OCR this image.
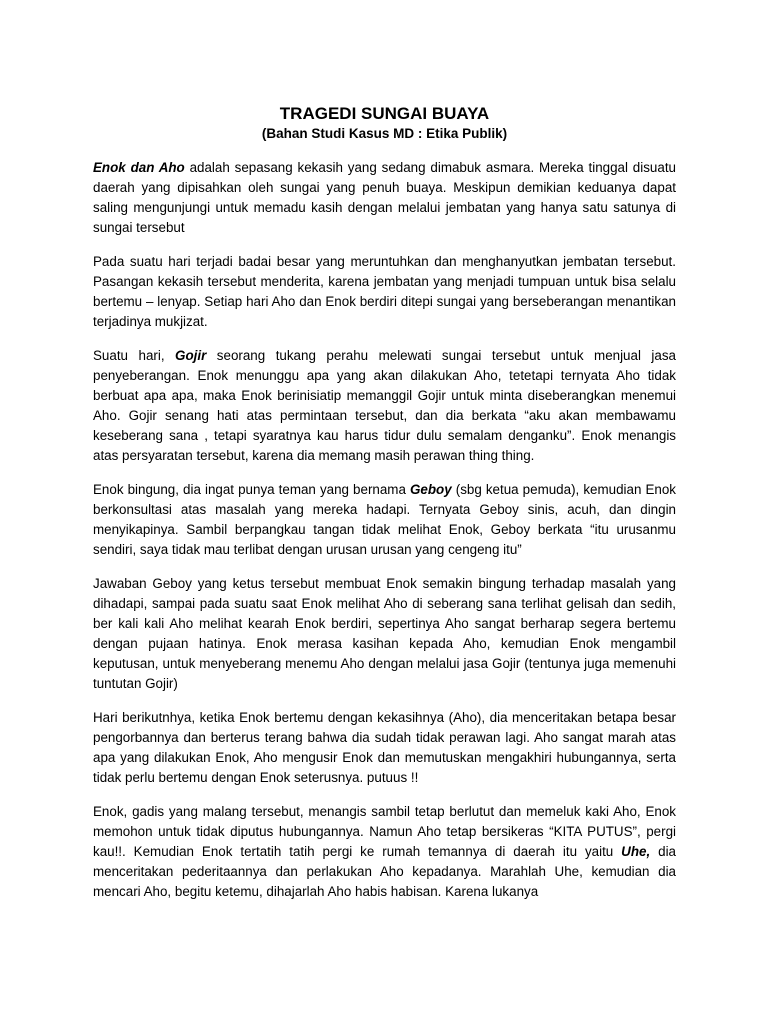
TRAGEDI SUNGAI BUAYA
(Bahan Studi Kasus MD : Etika Publik)

Enok dan Aho adalah sepasang kekasih yang sedang dimabuk asmara. Mereka tinggal disuatu daerah yang dipisahkan oleh sungai yang penuh buaya. Meskipun demikian keduanya dapat saling mengunjungi untuk memadu kasih dengan melalui jembatan yang hanya satu satunya di sungai tersebut

Pada suatu hari terjadi badai besar yang meruntuhkan dan menghanyutkan jembatan tersebut. Pasangan kekasih tersebut menderita, karena jembatan yang menjadi tumpuan untuk bisa selalu bertemu – lenyap. Setiap hari Aho dan Enok berdiri ditepi sungai yang berseberangan menantikan terjadinya mukjizat.

Suatu hari, Gojir seorang tukang perahu melewati sungai tersebut untuk menjual jasa penyeberangan. Enok menunggu apa yang akan dilakukan Aho, tetetapi ternyata Aho tidak berbuat apa apa, maka Enok berinisiatip memanggil Gojir untuk minta diseberangkan menemui Aho. Gojir senang hati atas permintaan tersebut, dan dia berkata “aku akan membawamu keseberang sana , tetapi syaratnya kau harus tidur dulu semalam denganku”. Enok menangis atas persyaratan tersebut, karena dia memang masih perawan thing thing.

Enok bingung, dia ingat punya teman yang bernama Geboy (sbg ketua pemuda), kemudian Enok berkonsultasi atas masalah yang mereka hadapi. Ternyata Geboy sinis, acuh, dan dingin menyikapinya. Sambil berpangkau tangan tidak melihat Enok, Geboy berkata “itu urusanmu sendiri, saya tidak mau terlibat dengan urusan urusan yang cengeng itu”

Jawaban Geboy yang ketus tersebut membuat Enok semakin bingung terhadap masalah yang dihadapi, sampai pada suatu saat Enok melihat Aho di seberang sana terlihat gelisah dan sedih, ber kali kali Aho melihat kearah Enok berdiri, sepertinya Aho sangat berharap segera bertemu dengan pujaan hatinya. Enok merasa kasihan kepada Aho, kemudian Enok mengambil keputusan, untuk menyeberang menemu Aho dengan melalui jasa Gojir (tentunya juga memenuhi tuntutan Gojir)

Hari berikutnhya, ketika Enok bertemu dengan kekasihnya (Aho), dia menceritakan betapa besar pengorbannya dan berterus terang bahwa dia sudah tidak perawan lagi. Aho sangat marah atas apa yang dilakukan Enok, Aho mengusir Enok dan memutuskan mengakhiri hubungannya, serta tidak perlu bertemu dengan Enok seterusnya. putuus !!

Enok, gadis yang malang tersebut, menangis sambil tetap berlutut dan memeluk kaki Aho, Enok memohon untuk tidak diputus hubungannya. Namun Aho tetap bersikeras “KITA PUTUS”, pergi kau!!. Kemudian Enok tertatih tatih pergi ke rumah temannya di daerah itu yaitu Uhe, dia menceritakan pederitaannya dan perlakukan Aho kepadanya. Marahlah Uhe, kemudian dia mencari Aho, begitu ketemu, dihajarlah Aho habis habisan. Karena lukanya
